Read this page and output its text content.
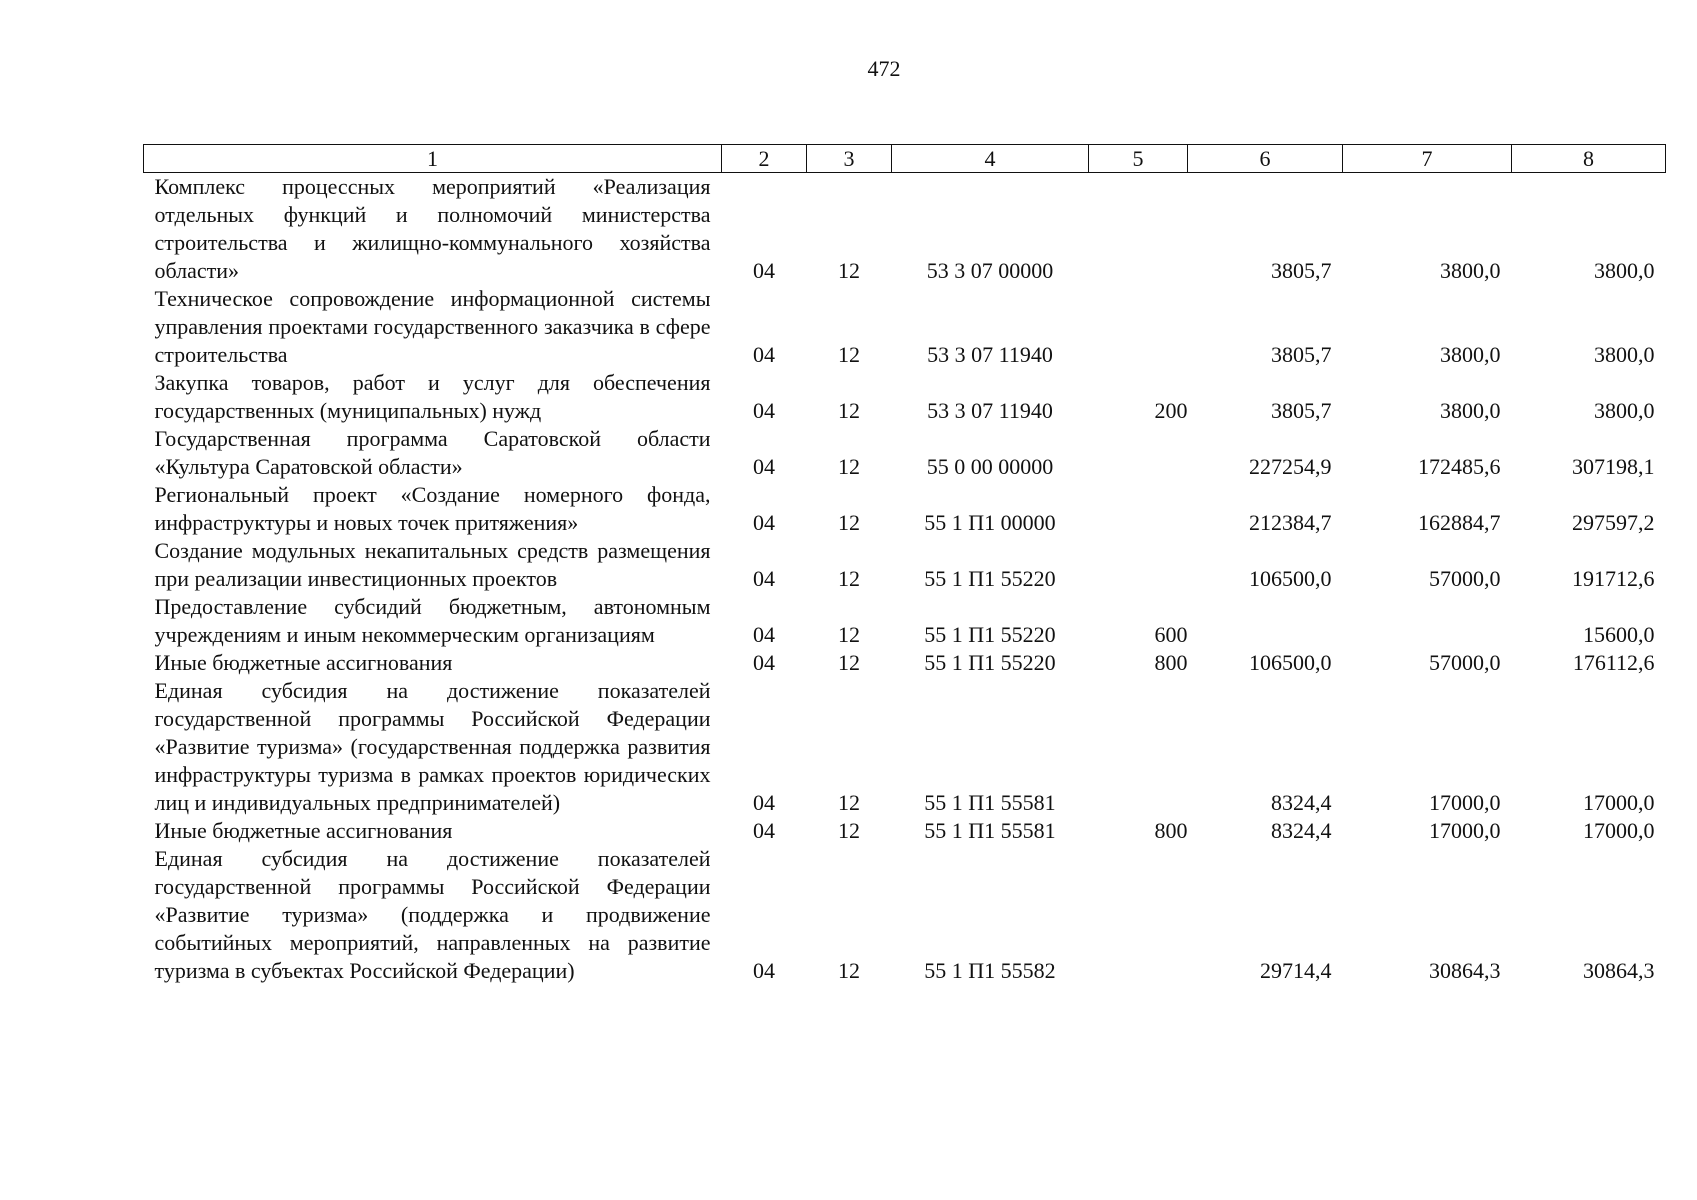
472
1	2	3	4	5	6	7	8
Комплекс процессных мероприятий «Реализация отдельных функций и полномочий министерства строительства и жилищно-коммунального хозяйства области»	04	12	53 3 07 00000		3805,7	3800,0	3800,0
Техническое сопровождение информационной системы управления проектами государственного заказчика в сфере строительства	04	12	53 3 07 11940		3805,7	3800,0	3800,0
Закупка товаров, работ и услуг для обеспечения государственных (муниципальных) нужд	04	12	53 3 07 11940	200	3805,7	3800,0	3800,0
Государственная программа Саратовской области «Культура Саратовской области»	04	12	55 0 00 00000		227254,9	172485,6	307198,1
Региональный проект «Создание номерного фонда, инфраструктуры и новых точек притяжения»	04	12	55 1 П1 00000		212384,7	162884,7	297597,2
Создание модульных некапитальных средств размещения при реализации инвестиционных проектов	04	12	55 1 П1 55220		106500,0	57000,0	191712,6
Предоставление субсидий бюджетным, автономным учреждениям и иным некоммерческим организациям	04	12	55 1 П1 55220	600			15600,0
Иные бюджетные ассигнования	04	12	55 1 П1 55220	800	106500,0	57000,0	176112,6
Единая субсидия на достижение показателей государственной программы Российской Федерации «Развитие туризма» (государственная поддержка развития инфраструктуры туризма в рамках проектов юридических лиц и индивидуальных предпринимателей)	04	12	55 1 П1 55581		8324,4	17000,0	17000,0
Иные бюджетные ассигнования	04	12	55 1 П1 55581	800	8324,4	17000,0	17000,0
Единая субсидия на достижение показателей государственной программы Российской Федерации «Развитие туризма» (поддержка и продвижение событийных мероприятий, направленных на развитие туризма в субъектах Российской Федерации)	04	12	55 1 П1 55582		29714,4	30864,3	30864,3
